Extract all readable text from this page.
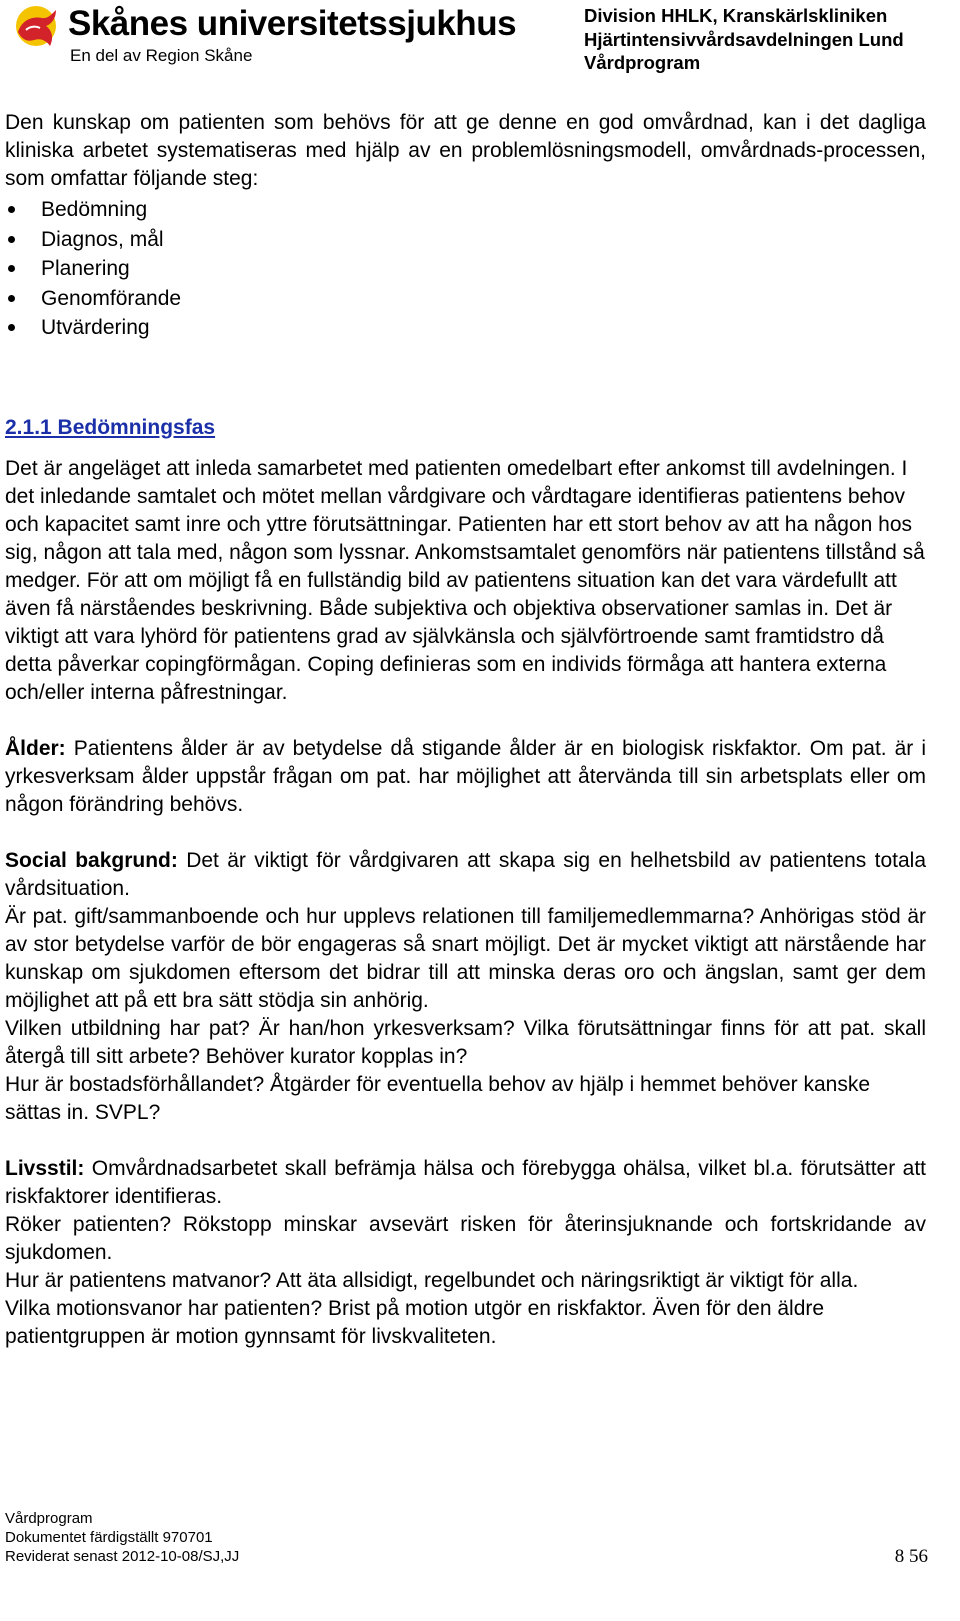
Skånes universitetssjukhus
En del av Region Skåne
Division HHLK, Kranskärlskliniken
Hjärtintensivvårdsavdelningen Lund
Vårdprogram

Den kunskap om patienten som behövs för att ge denne en god omvårdnad, kan i det dagliga kliniska arbetet systematiseras med hjälp av en problemlösningsmodell, omvårdnads-processen, som omfattar följande steg:

Bedömning
Diagnos, mål
Planering
Genomförande
Utvärdering
2.1.1 Bedömningsfas

Det är angeläget att inleda samarbetet med patienten omedelbart efter ankomst till avdelningen. I det inledande samtalet och mötet mellan vårdgivare och vårdtagare identifieras patientens behov och kapacitet samt inre och yttre förutsättningar. Patienten har ett stort behov av att ha någon hos sig, någon att tala med, någon som lyssnar. Ankomstsamtalet genomförs när patientens tillstånd så medger. För att om möjligt få en fullständig bild av patientens situation kan det vara värdefullt att även få närståendes beskrivning. Både subjektiva och objektiva observationer samlas in. Det är viktigt att vara lyhörd för patientens grad av självkänsla och självförtroende samt framtidstro då detta påverkar copingförmågan. Coping definieras som en individs förmåga att hantera externa och/eller interna påfrestningar.

Ålder: Patientens ålder är av betydelse då stigande ålder är en biologisk riskfaktor. Om pat. är i yrkesverksam ålder uppstår frågan om pat. har möjlighet att återvända till sin arbetsplats eller om någon förändring behövs.

Social bakgrund: Det är viktigt för vårdgivaren att skapa sig en helhetsbild av patientens totala vårdsituation.

Är pat. gift/sammanboende och hur upplevs relationen till familjemedlemmarna? Anhörigas stöd är av stor betydelse varför de bör engageras så snart möjligt. Det är mycket viktigt att närstående har kunskap om sjukdomen eftersom det bidrar till att minska deras oro och ängslan, samt ger dem möjlighet att på ett bra sätt stödja sin anhörig.

Vilken utbildning har pat? Är han/hon yrkesverksam? Vilka förutsättningar finns för att pat. skall återgå till sitt arbete? Behöver kurator kopplas in?

Hur är bostadsförhållandet? Åtgärder för eventuella behov av hjälp i hemmet behöver kanske sättas in. SVPL?

Livsstil: Omvårdnadsarbetet skall befrämja hälsa och förebygga ohälsa, vilket bl.a. förutsätter att riskfaktorer identifieras.

Röker patienten? Rökstopp minskar avsevärt risken för återinsjuknande och fortskridande av sjukdomen.

Hur är patientens matvanor? Att äta allsidigt, regelbundet och näringsriktigt är viktigt för alla.

Vilka motionsvanor har patienten? Brist på motion utgör en riskfaktor. Även för den äldre patientgruppen är motion gynnsamt för livskvaliteten.

Vårdprogram
Dokumentet färdigställt 970701
Reviderat senast 2012-10-08/SJ,JJ	8 56
